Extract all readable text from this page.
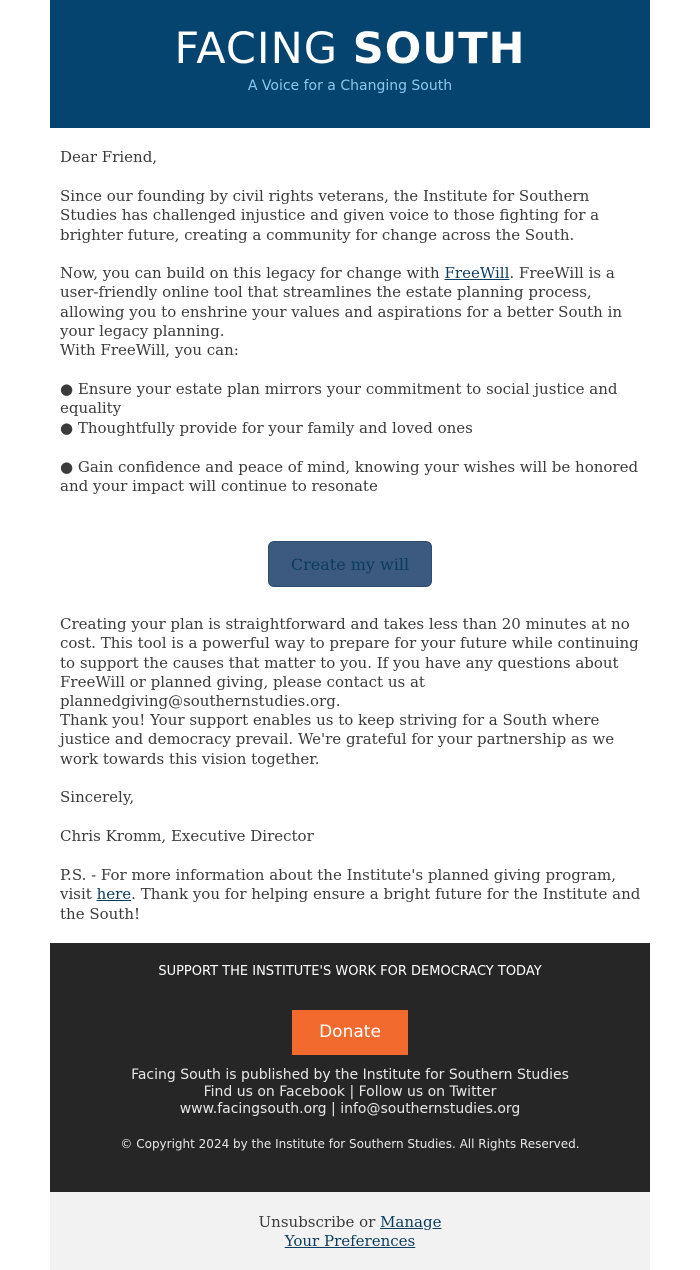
FACING SOUTH
A Voice for a Changing South

Dear Friend,

Since our founding by civil rights veterans, the Institute for Southern Studies has challenged injustice and given voice to those fighting for a brighter future, creating a community for change across the South.

Now, you can build on this legacy for change with FreeWill. FreeWill is a user-friendly online tool that streamlines the estate planning process, allowing you to enshrine your values and aspirations for a better South in your legacy planning.

With FreeWill, you can:

● Ensure your estate plan mirrors your commitment to social justice and equality

● Thoughtfully provide for your family and loved ones

● Gain confidence and peace of mind, knowing your wishes will be honored and your impact will continue to resonate

Create my will

Creating your plan is straightforward and takes less than 20 minutes at no cost. This tool is a powerful way to prepare for your future while continuing to support the causes that matter to you. If you have any questions about FreeWill or planned giving, please contact us at plannedgiving@southernstudies.org.

Thank you! Your support enables us to keep striving for a South where justice and democracy prevail. We're grateful for your partnership as we work towards this vision together.

Sincerely,

Chris Kromm, Executive Director

P.S. - For more information about the Institute's planned giving program, visit here. Thank you for helping ensure a bright future for the Institute and the South!

SUPPORT THE INSTITUTE'S WORK FOR DEMOCRACY TODAY
Donate
Facing South is published by the Institute for Southern Studies
Find us on Facebook | Follow us on Twitter
www.facingsouth.org | info@southernstudies.org
© Copyright 2024 by the Institute for Southern Studies. All Rights Reserved.
Unsubscribe or Manage
Your Preferences
